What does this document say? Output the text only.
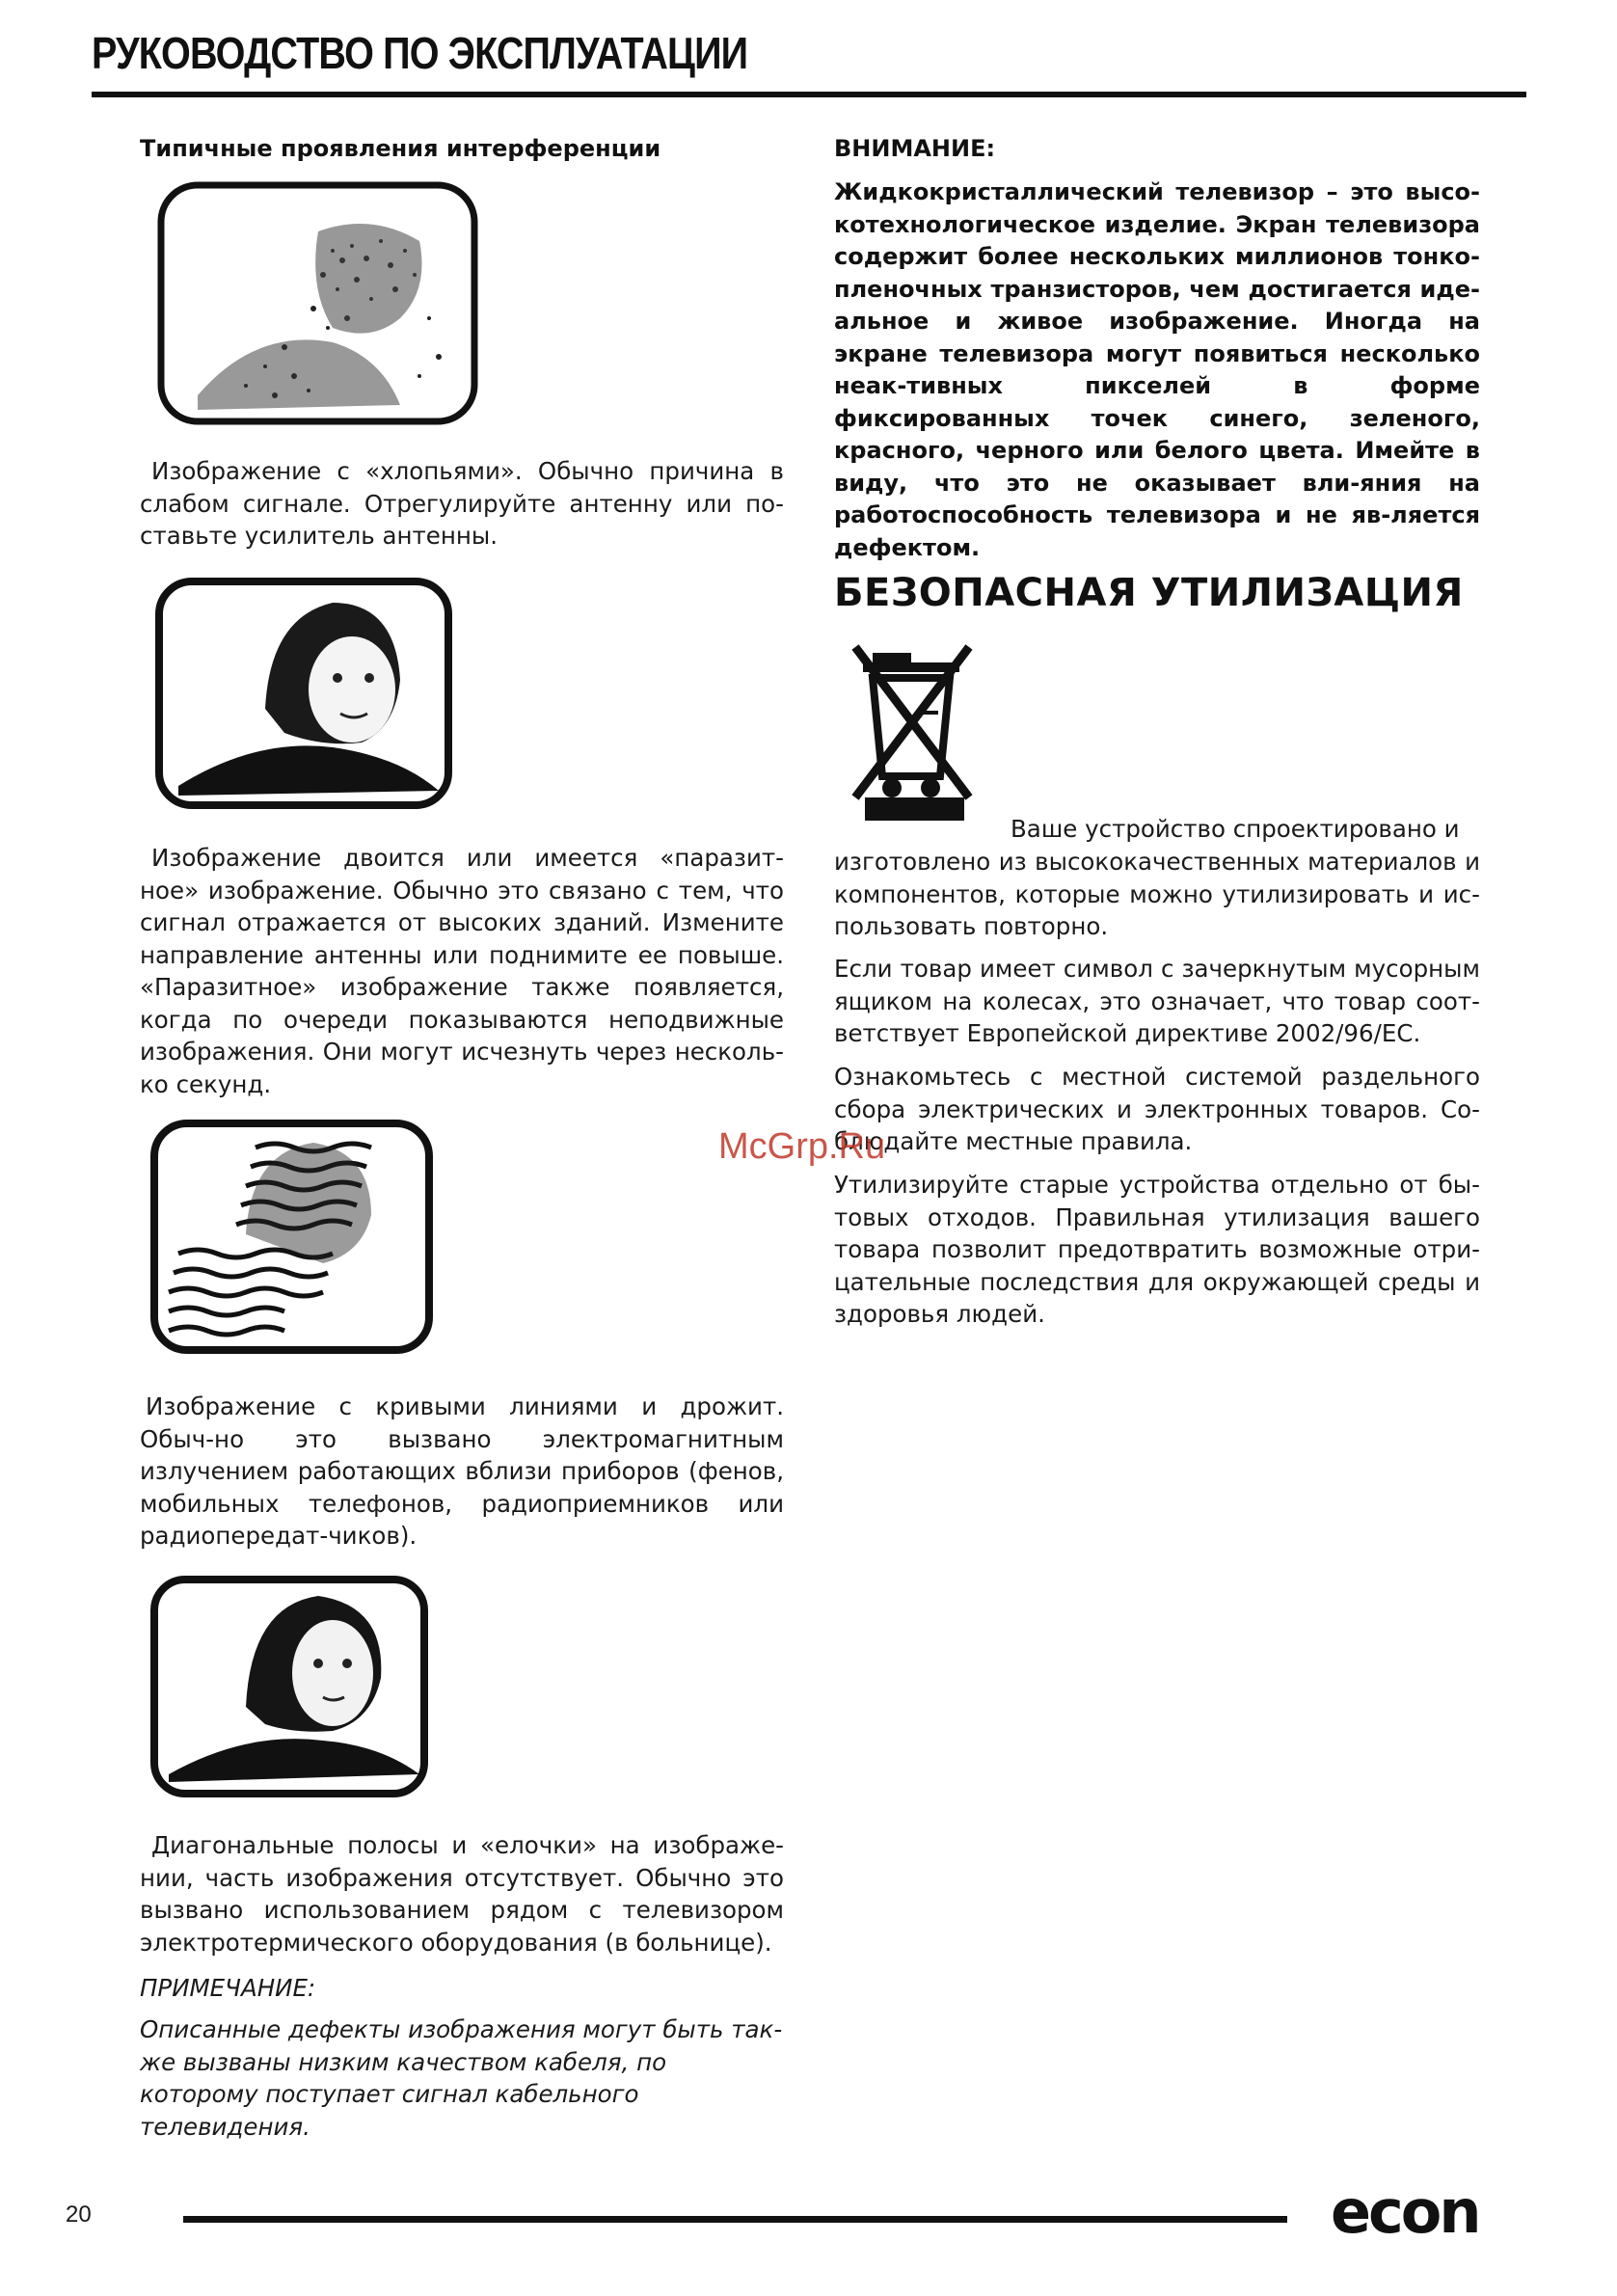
РУКОВОДСТВО ПО ЭКСПЛУАТАЦИИ
Типичные проявления интерференции
Изображение с «хлопьями». Обычно причина в слабом сигнале. Отрегулируйте антенну или по-ставьте усилитель антенны.
Изображение двоится или имеется «паразит-ное» изображение. Обычно это связано с тем, что сигнал отражается от высоких зданий. Измените направление антенны или поднимите ее повыше. «Паразитное» изображение также появляется, когда по очереди показываются неподвижные изображения. Они могут исчезнуть через несколь-ко секунд.
Изображение с кривыми линиями и дрожит. Обыч-но это вызвано электромагнитным излучением работающих вблизи приборов (фенов, мобильных телефонов, радиоприемников или радиопередат-чиков).
Диагональные полосы и «елочки» на изображе-нии, часть изображения отсутствует. Обычно это вызвано использованием рядом с телевизором электротермического оборудования (в больнице).
ПРИМЕЧАНИЕ:
Описанные дефекты изображения могут быть так-же вызваны низким качеством кабеля, по которому поступает сигнал кабельного телевидения.
ВНИМАНИЕ:
Жидкокристаллический телевизор – это высо-котехнологическое изделие. Экран телевизора содержит более нескольких миллионов тонко-пленочных транзисторов, чем достигается иде-альное и живое изображение. Иногда на экране телевизора могут появиться несколько неак-тивных пикселей в форме фиксированных точек синего, зеленого, красного, черного или белого цвета. Имейте в виду, что это не оказывает вли-яния на работоспособность телевизора и не яв-ляется дефектом.
БЕЗОПАСНАЯ УТИЛИЗАЦИЯ
Ваше устройство спроектировано и
изготовлено из высококачественных материалов и компонентов, которые можно утилизировать и ис-пользовать повторно.
Если товар имеет символ с зачеркнутым мусорным ящиком на колесах, это означает, что товар соот-ветствует Европейской директиве 2002/96/ЕС.
Ознакомьтесь с местной системой раздельного сбора электрических и электронных товаров. Со-блюдайте местные правила.
Утилизируйте старые устройства отдельно от бы-товых отходов. Правильная утилизация вашего товара позволит предотвратить возможные отри-цательные последствия для окружающей среды и здоровья людей.
McGrp.Ru
20	econ
